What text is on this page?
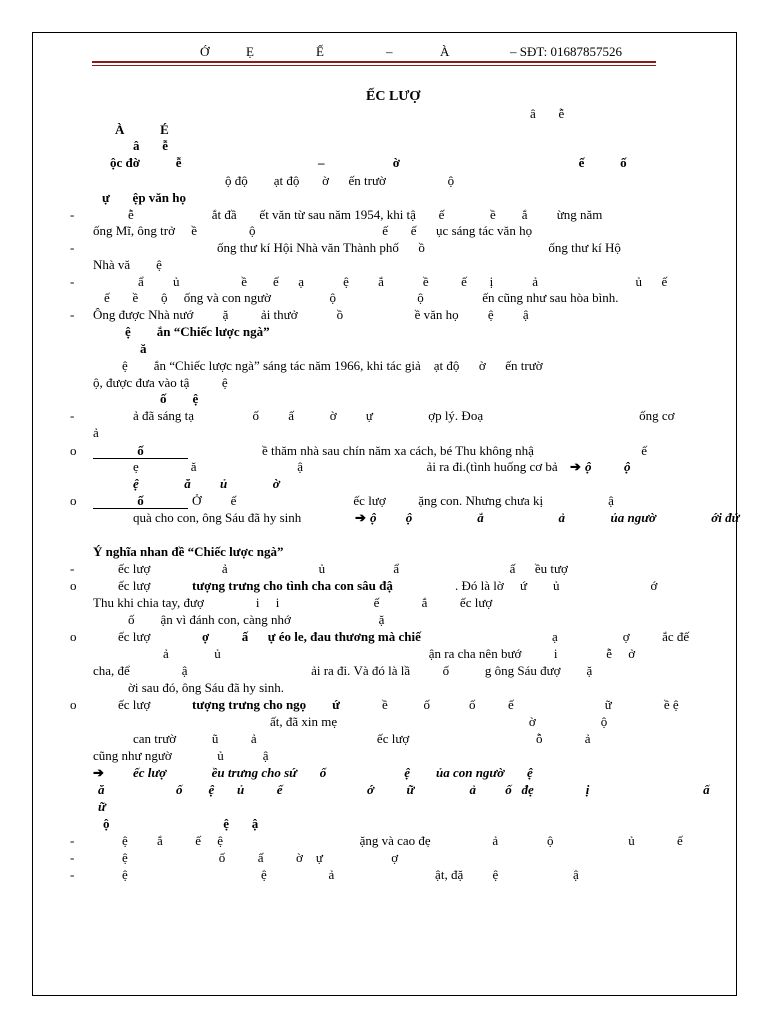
Ớ	Ẹ	Ế	–	À	– SĐT: 01687857526
ẾC LƯỢ
â       ễ
À           É
â       ễ
ộc đờ           ễ                                          –                     ờ                                                       ế           ố
ộ độ        ạt độ       ờ      ến trườ                   ộ
ự       ệp văn họ
ễ                        ắt đầ       ết văn từ sau năm 1954, khi tậ       ế              ề        ắ         ừng năm
ống Mĩ, ông trở     ề                ộ                                       ế       ế      ục sáng tác văn họ
ống thư kí Hội Nhà văn Thành phố      ồ                                      ống thư kí Hộ
Nhà vă        ệ
ẩ         ủ                   ề        ế      ạ            ệ         ắ            ề          ế       ị            ả                              ủ      ế
ế       ề       ộ     ống và con ngườ                  ộ                         ộ                  ến cũng như sau hòa bình.
Ông được Nhà nướ         ặ          ải thưở            ồ                      ề văn họ         ệ         ậ
ệ        ắn “Chiếc lược ngà”
ă
ệ        ắn “Chiếc lược ngà” sáng tác năm 1966, khi tác giả    ạt độ      ờ      ến trườ
ộ, được đưa vào tậ          ệ
ố        ệ
ả đã sáng tạ                  ố         ấ           ờ         ự                 ợp lý. Đoạ                                                ống cơ
ả
ề thăm nhà sau chín năm xa cách, bé Thu không nhậ                                 ế
ẹ                ă                               ậ                                      ải ra đi.(tình huống cơ bả
ệ              ă         ủ              ờ
Ở         ế                                    ếc lượ          ặng con. Nhưng chưa kị                    ậ
quà cho con, ông Sáu đã hy sinh
Ý nghĩa nhan đề “Chiếc lược ngà”
ếc lượ                      ả                            ủ                     ẩ                                  ấ      ều tượ
ếc lượ	. Đó là lờ     ứ        ủ                            ớ
Thu khi chia tay, đượ                i     i                             ế             ắ          ếc lượ
ố        ận vì đánh con, càng nhớ                           ặ
ếc lượ	ạ                    ợ          ắc đế
ả              ủ                                                                ận ra cha nên bướ          i               ễ     ở
cha, để                ậ                                      ải ra đi. Và đó là lầ          ố           g ông Sáu đượ        ặ
ời sau đó, ông Sáu đã hy sinh.
ếc lượ	ề           ố            ố          ế                            ữ                ề ệ
ất, đã xin mẹ                                                           ờ                    ộ
can trườ           ũ          ả                                     ếc lượ                                       ỗ             ả
cũng như ngườ              ủ            ậ
ếc lượ              ều trưng cho sứ       ố                        ệ        ủa con ngườ       ệ
ă                      ố        ệ       ủ          ế                          ớ          ữ                 ả         ố   đẹ                ị                                   ấ
ữ
ộ                                   ệ       ậ
ệ         ắ          ế     ệ                                          ặng và cao đẹ                   ả               ộ                       ủ             ế
ệ                            ố          ấ          ờ    ự                     ợ
ệ                                         ệ                   ả                               ật, đặ         ệ                       ậ
tượng trưng cho tình cha con sâu đậ
ợ          ấ      ự éo le, đau thương mà chiế
tượng trưng cho ngọ        ứ
ộ          ộ
ộ         ộ                    ắ                       ả              ủa ngườ                 ới đứ
ố
ố
-
-
-
-
-
o
o
-
o
o
o
-
-
-
➔
➔
➔
